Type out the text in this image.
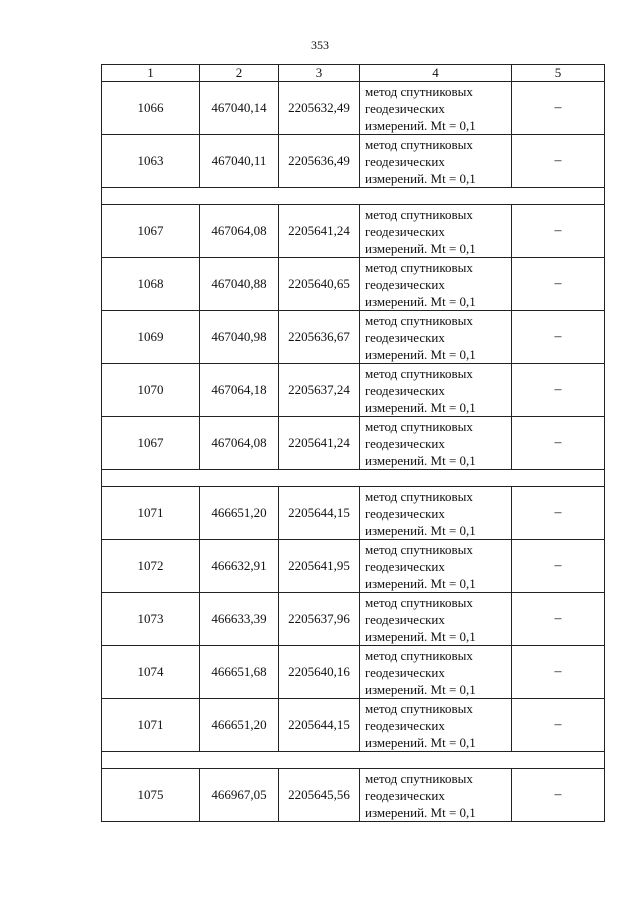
353
1	2	3	4	5
1066	467040,14	2205632,49	метод спутниковых
геодезических
измерений. Mt = 0,1	–
1063	467040,11	2205636,49	метод спутниковых
геодезических
измерений. Mt = 0,1	–

1067	467064,08	2205641,24	метод спутниковых
геодезических
измерений. Mt = 0,1	–
1068	467040,88	2205640,65	метод спутниковых
геодезических
измерений. Mt = 0,1	–
1069	467040,98	2205636,67	метод спутниковых
геодезических
измерений. Mt = 0,1	–
1070	467064,18	2205637,24	метод спутниковых
геодезических
измерений. Mt = 0,1	–
1067	467064,08	2205641,24	метод спутниковых
геодезических
измерений. Mt = 0,1	–

1071	466651,20	2205644,15	метод спутниковых
геодезических
измерений. Mt = 0,1	–
1072	466632,91	2205641,95	метод спутниковых
геодезических
измерений. Mt = 0,1	–
1073	466633,39	2205637,96	метод спутниковых
геодезических
измерений. Mt = 0,1	–
1074	466651,68	2205640,16	метод спутниковых
геодезических
измерений. Mt = 0,1	–
1071	466651,20	2205644,15	метод спутниковых
геодезических
измерений. Mt = 0,1	–

1075	466967,05	2205645,56	метод спутниковых
геодезических
измерений. Mt = 0,1	–
